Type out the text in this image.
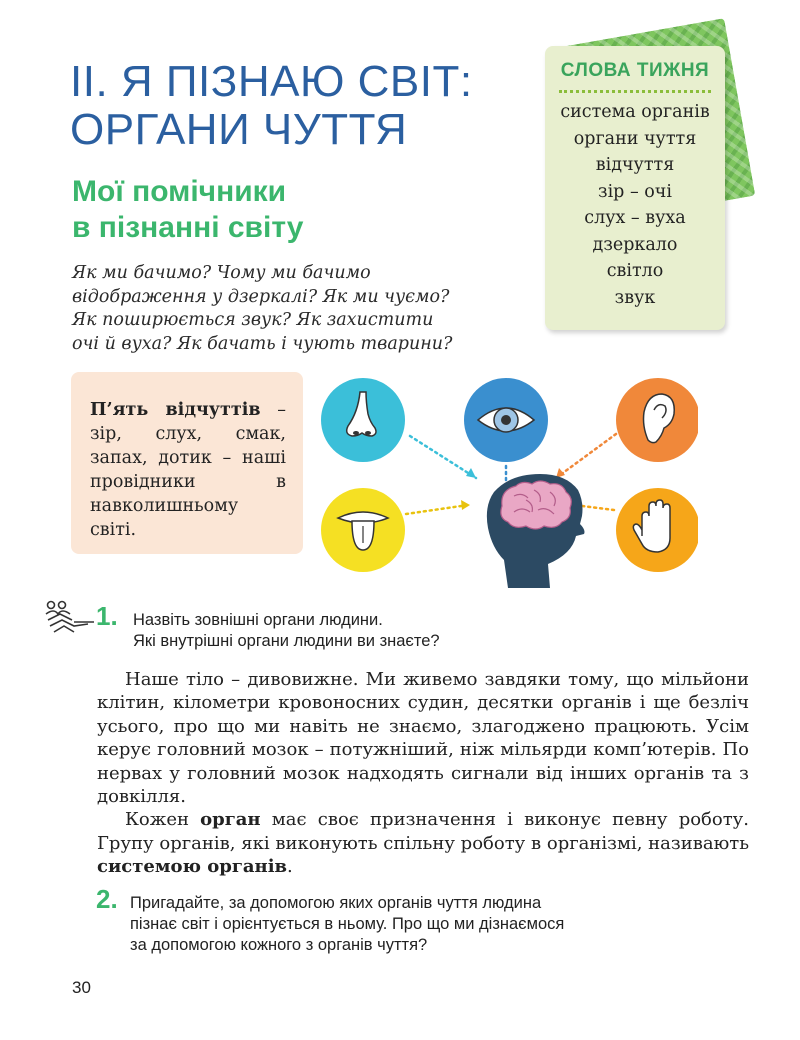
ІІ. Я ПІЗНАЮ СВІТ:
ОРГАНИ ЧУТТЯ
Мої помічники
в пізнанні світу
Як ми бачимо? Чому ми бачимо
відображення у дзеркалі? Як ми чуємо?
Як поширюється звук? Як захистити
очі й вуха? Як бачать і чують тварини?
СЛОВА ТИЖНЯ
система органів
органи чуття
відчуття
зір – очі
слух – вуха
дзеркало
світло
звук
П’ять відчуттів – зір, слух, смак, запах, дотик – наші провідники в навколишньому світі.
1. Назвіть зовнішні органи людини.
Які внутрішні органи людини ви знаєте?

Наше тіло – дивовижне. Ми живемо завдяки тому, що мільйони клітин, кілометри кровоносних судин, десятки органів і ще безліч усього, про що ми навіть не знаємо, злагоджено працюють. Усім керує головний мозок – потужніший, ніж мільярди комп’ютерів. По нервах у головний мозок надходять сигнали від інших органів та з довкілля.

Кожен орган має своє призначення і виконує певну роботу. Групу органів, які виконують спільну роботу в організмі, називають системою органів.

2. Пригадайте, за допомогою яких органів чуття людина
пізнає світ і орієнтується в ньому. Про що ми дізнаємося
за допомогою кожного з органів чуття?
30
